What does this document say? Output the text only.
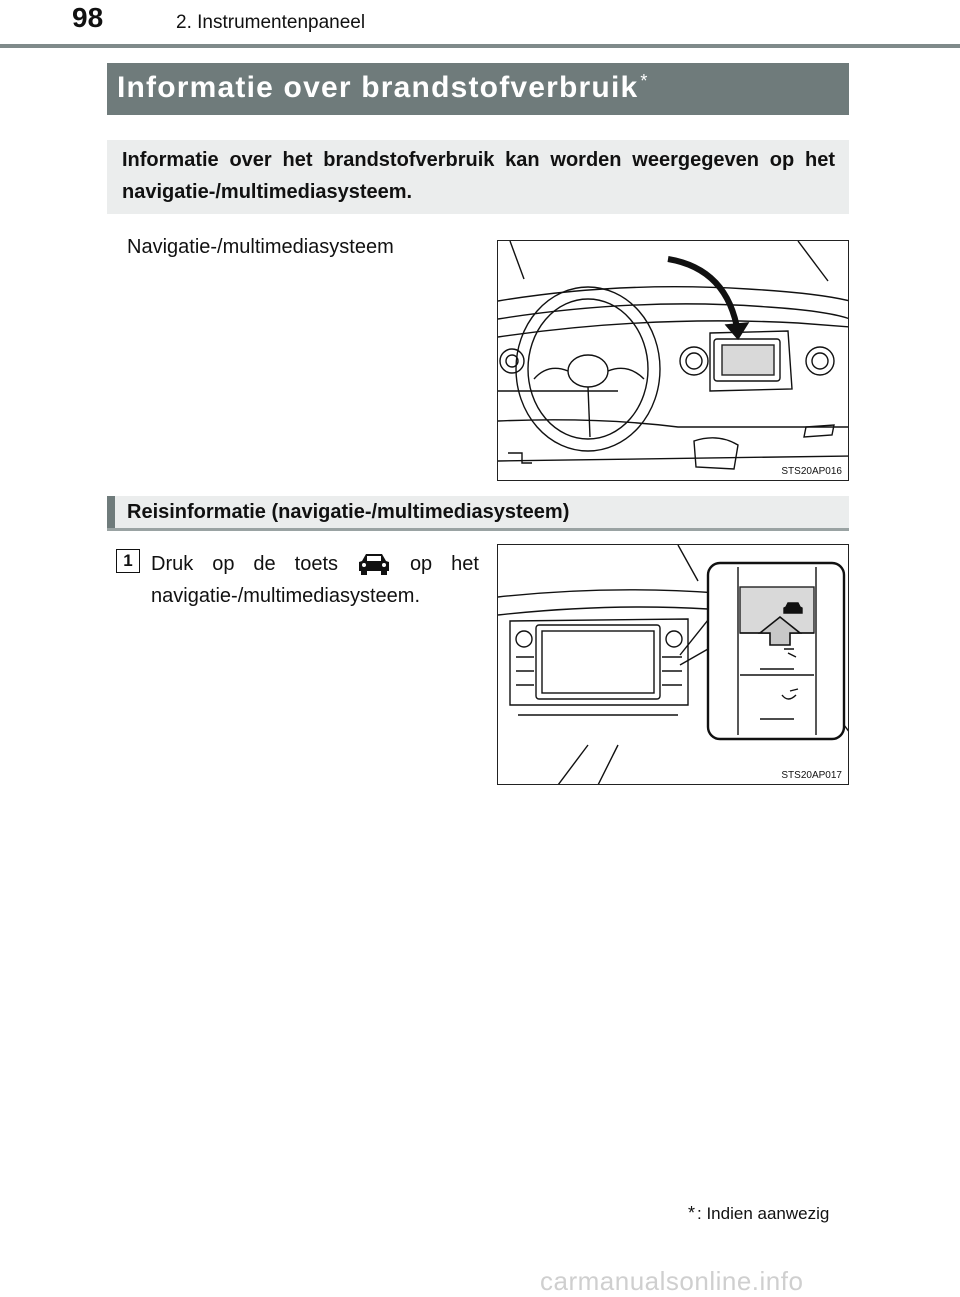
98	2. Instrumentenpaneel
Informatie over brandstofverbruik *
Informatie over het brandstofverbruik kan worden weergegeven op het navigatie-/multimediasysteem.
Navigatie-/multimediasysteem
STS20AP016
Reisinformatie (navigatie-/multimediasysteem)
1 Druk op de toets	op het
navigatie-/multimediasysteem.
STS20AP017
* : Indien aanwezig
carmanualsonline.info
